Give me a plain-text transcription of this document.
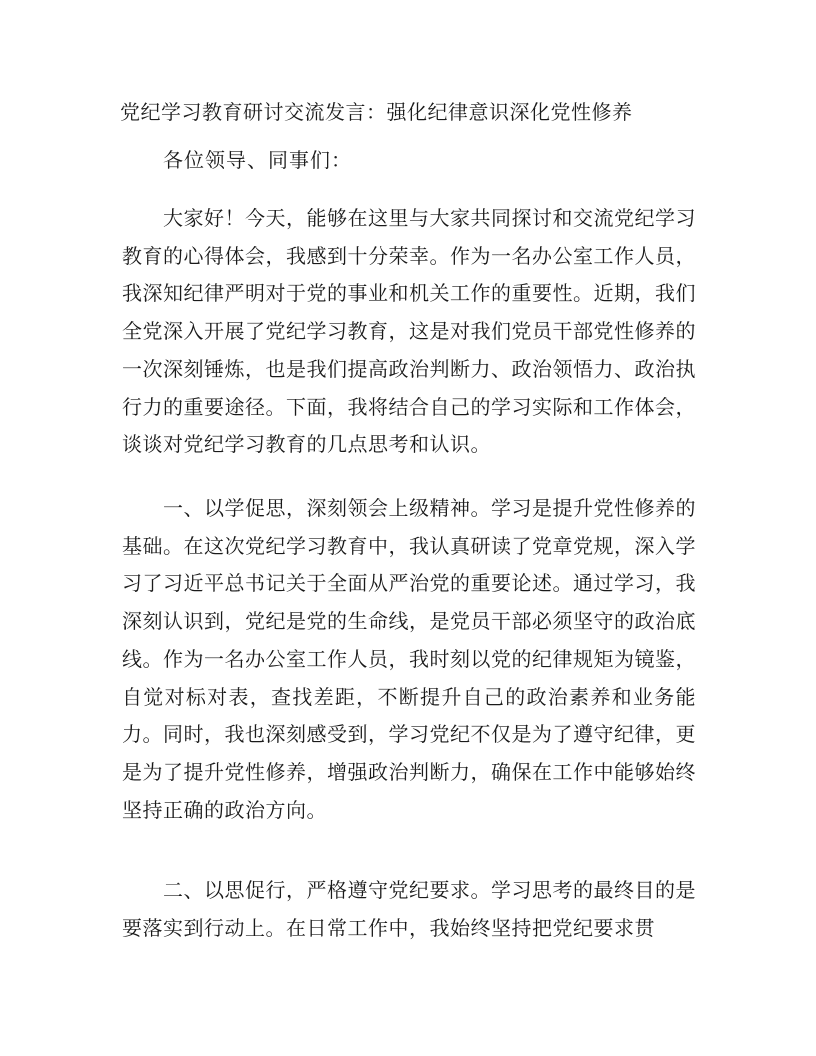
党纪学习教育研讨交流发言：强化纪律意识深化党性修养

各位领导、同事们：

大家好！今天，能够在这里与大家共同探讨和交流党纪学习教育的心得体会，我感到十分荣幸。作为一名办公室工作人员，我深知纪律严明对于党的事业和机关工作的重要性。近期，我们全党深入开展了党纪学习教育，这是对我们党员干部党性修养的一次深刻锤炼，也是我们提高政治判断力、政治领悟力、政治执行力的重要途径。下面，我将结合自己的学习实际和工作体会，谈谈对党纪学习教育的几点思考和认识。

一、以学促思，深刻领会上级精神。学习是提升党性修养的基础。在这次党纪学习教育中，我认真研读了党章党规，深入学习了习近平总书记关于全面从严治党的重要论述。通过学习，我深刻认识到，党纪是党的生命线，是党员干部必须坚守的政治底线。作为一名办公室工作人员，我时刻以党的纪律规矩为镜鉴，自觉对标对表，查找差距，不断提升自己的政治素养和业务能力。同时，我也深刻感受到，学习党纪不仅是为了遵守纪律，更是为了提升党性修养，增强政治判断力，确保在工作中能够始终坚持正确的政治方向。

二、以思促行，严格遵守党纪要求。学习思考的最终目的是要落实到行动上。在日常工作中，我始终坚持把党纪要求贯
